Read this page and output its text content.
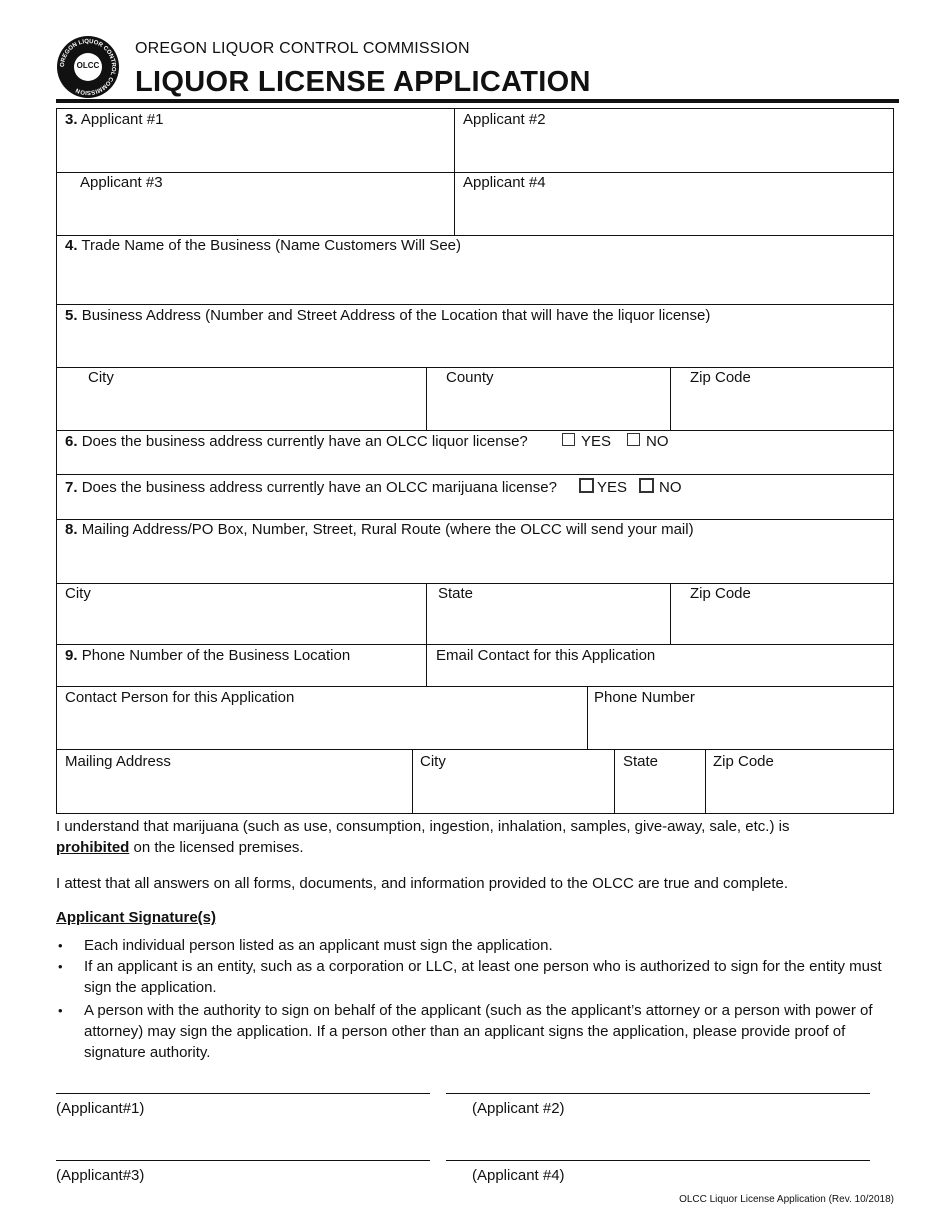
OLCC
OREGON LIQUOR CONTROL COMMISSION
OREGON LIQUOR CONTROL COMMISSION
LIQUOR LICENSE APPLICATION
3. Applicant #1	Applicant #2
Applicant #3	Applicant #4
4. Trade Name of the Business (Name Customers Will See)
5. Business Address (Number and Street Address of the Location that will have the liquor license)
City	County	Zip Code
6. Does the business address currently have an OLCC liquor license?	YES NO
7. Does the business address currently have an OLCC marijuana license?	YES NO
8. Mailing Address/PO Box, Number, Street, Rural Route (where the OLCC will send your mail)
City	State	Zip Code
9. Phone Number of the Business Location	Email Contact for this Application
Contact Person for this Application	Phone Number
Mailing Address	City	State	Zip Code
I understand that marijuana (such as use, consumption, ingestion, inhalation, samples, give-away, sale, etc.) is
prohibited on the licensed premises.
I attest that all answers on all forms, documents, and information provided to the OLCC are true and complete.
Applicant Signature(s)
• Each individual person listed as an applicant must sign the application.
• If an applicant is an entity, such as a corporation or LLC, at least one person who is authorized to sign for the entity must sign the application.
• A person with the authority to sign on behalf of the applicant (such as the applicant’s attorney or a person with power of attorney) may sign the application. If a person other than an applicant signs the application, please provide proof of signature authority.
(Applicant#1)	(Applicant #2)
(Applicant#3)	(Applicant #4)
OLCC Liquor License Application (Rev. 10/2018)
